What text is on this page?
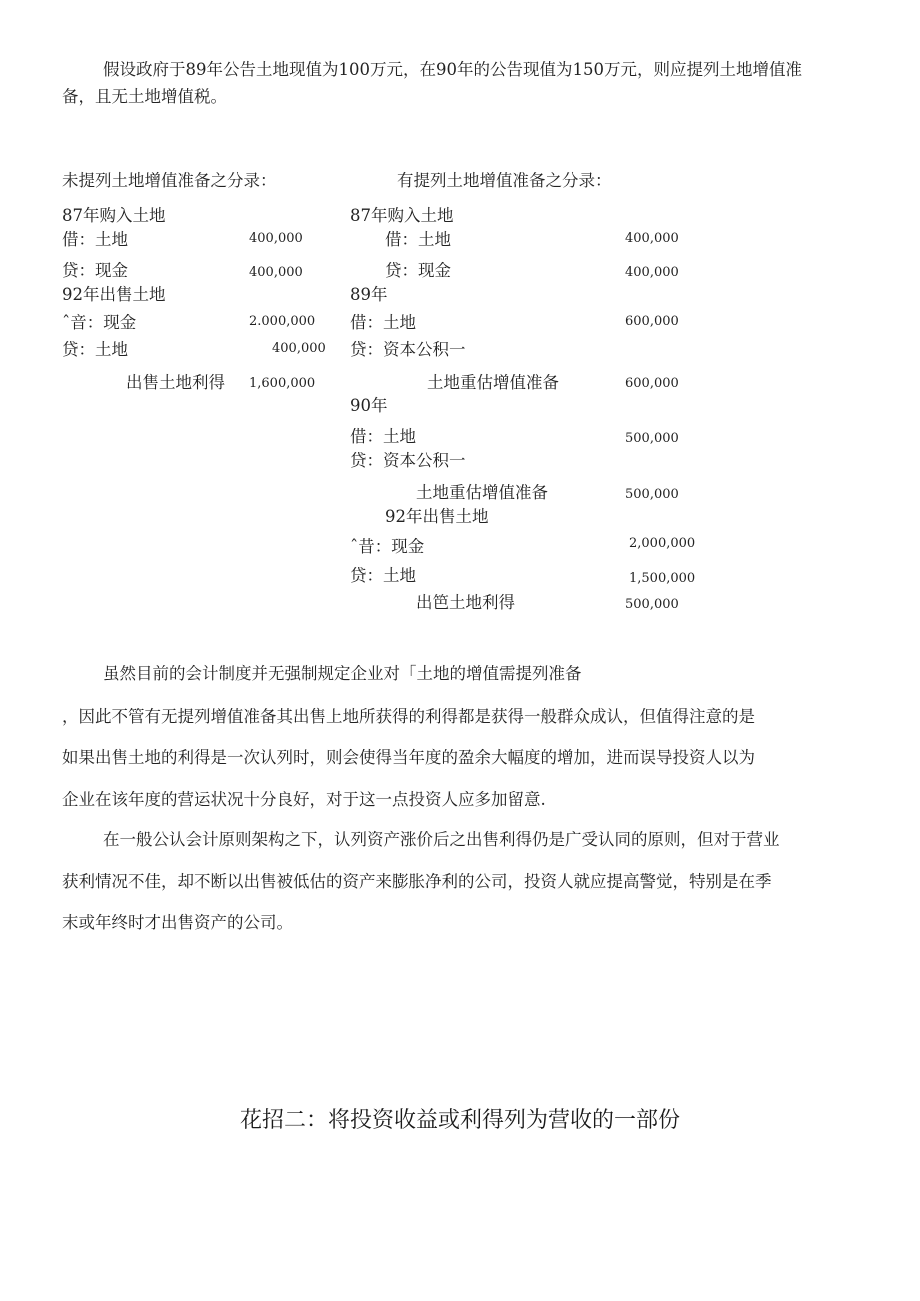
假设政府于89年公告土地现值为100万元，在90年的公告现值为150万元，则应提列土地增值准
备，且无土地增值税。
未提列土地增值准备之分录：
87年购入土地
借：土地	400,000
贷：现金	400,000
92年出售土地
ˆ音：现金	2.000,000
贷：土地	400,000
出售土地利得 1,600,000
有提列土地增值准备之分录：
87年购入土地
借：土地	400,000
贷：现金	400,000
89年
借：土地	600,000
贷：资本公积一
土地重估增值准备	600,000
90年
借：土地	500,000
贷：资本公积一
土地重估增值准备	500,000
92年出售土地
ˆ昔：现金	2,000,000
贷：土地	1,500,000
出笆土地利得	500,000
虽然目前的会计制度并无强制规定企业对「土地的增值需提列准备
，因此不管有无提列增值准备其出售上地所获得的利得都是获得一般群众成认，但值得注意的是
如果出售土地的利得是一次认列时，则会使得当年度的盈余大幅度的增加，进而误导投资人以为
企业在该年度的营运状况十分良好，对于这一点投资人应多加留意.
在一般公认会计原则架构之下，认列资产涨价后之出售利得仍是广受认同的原则，但对于营业
获利情况不佳，却不断以出售被低估的资产来膨胀净利的公司，投资人就应提高警觉，特别是在季
末或年终时才出售资产的公司。
花招二：将投资收益或利得列为营收的一部份
